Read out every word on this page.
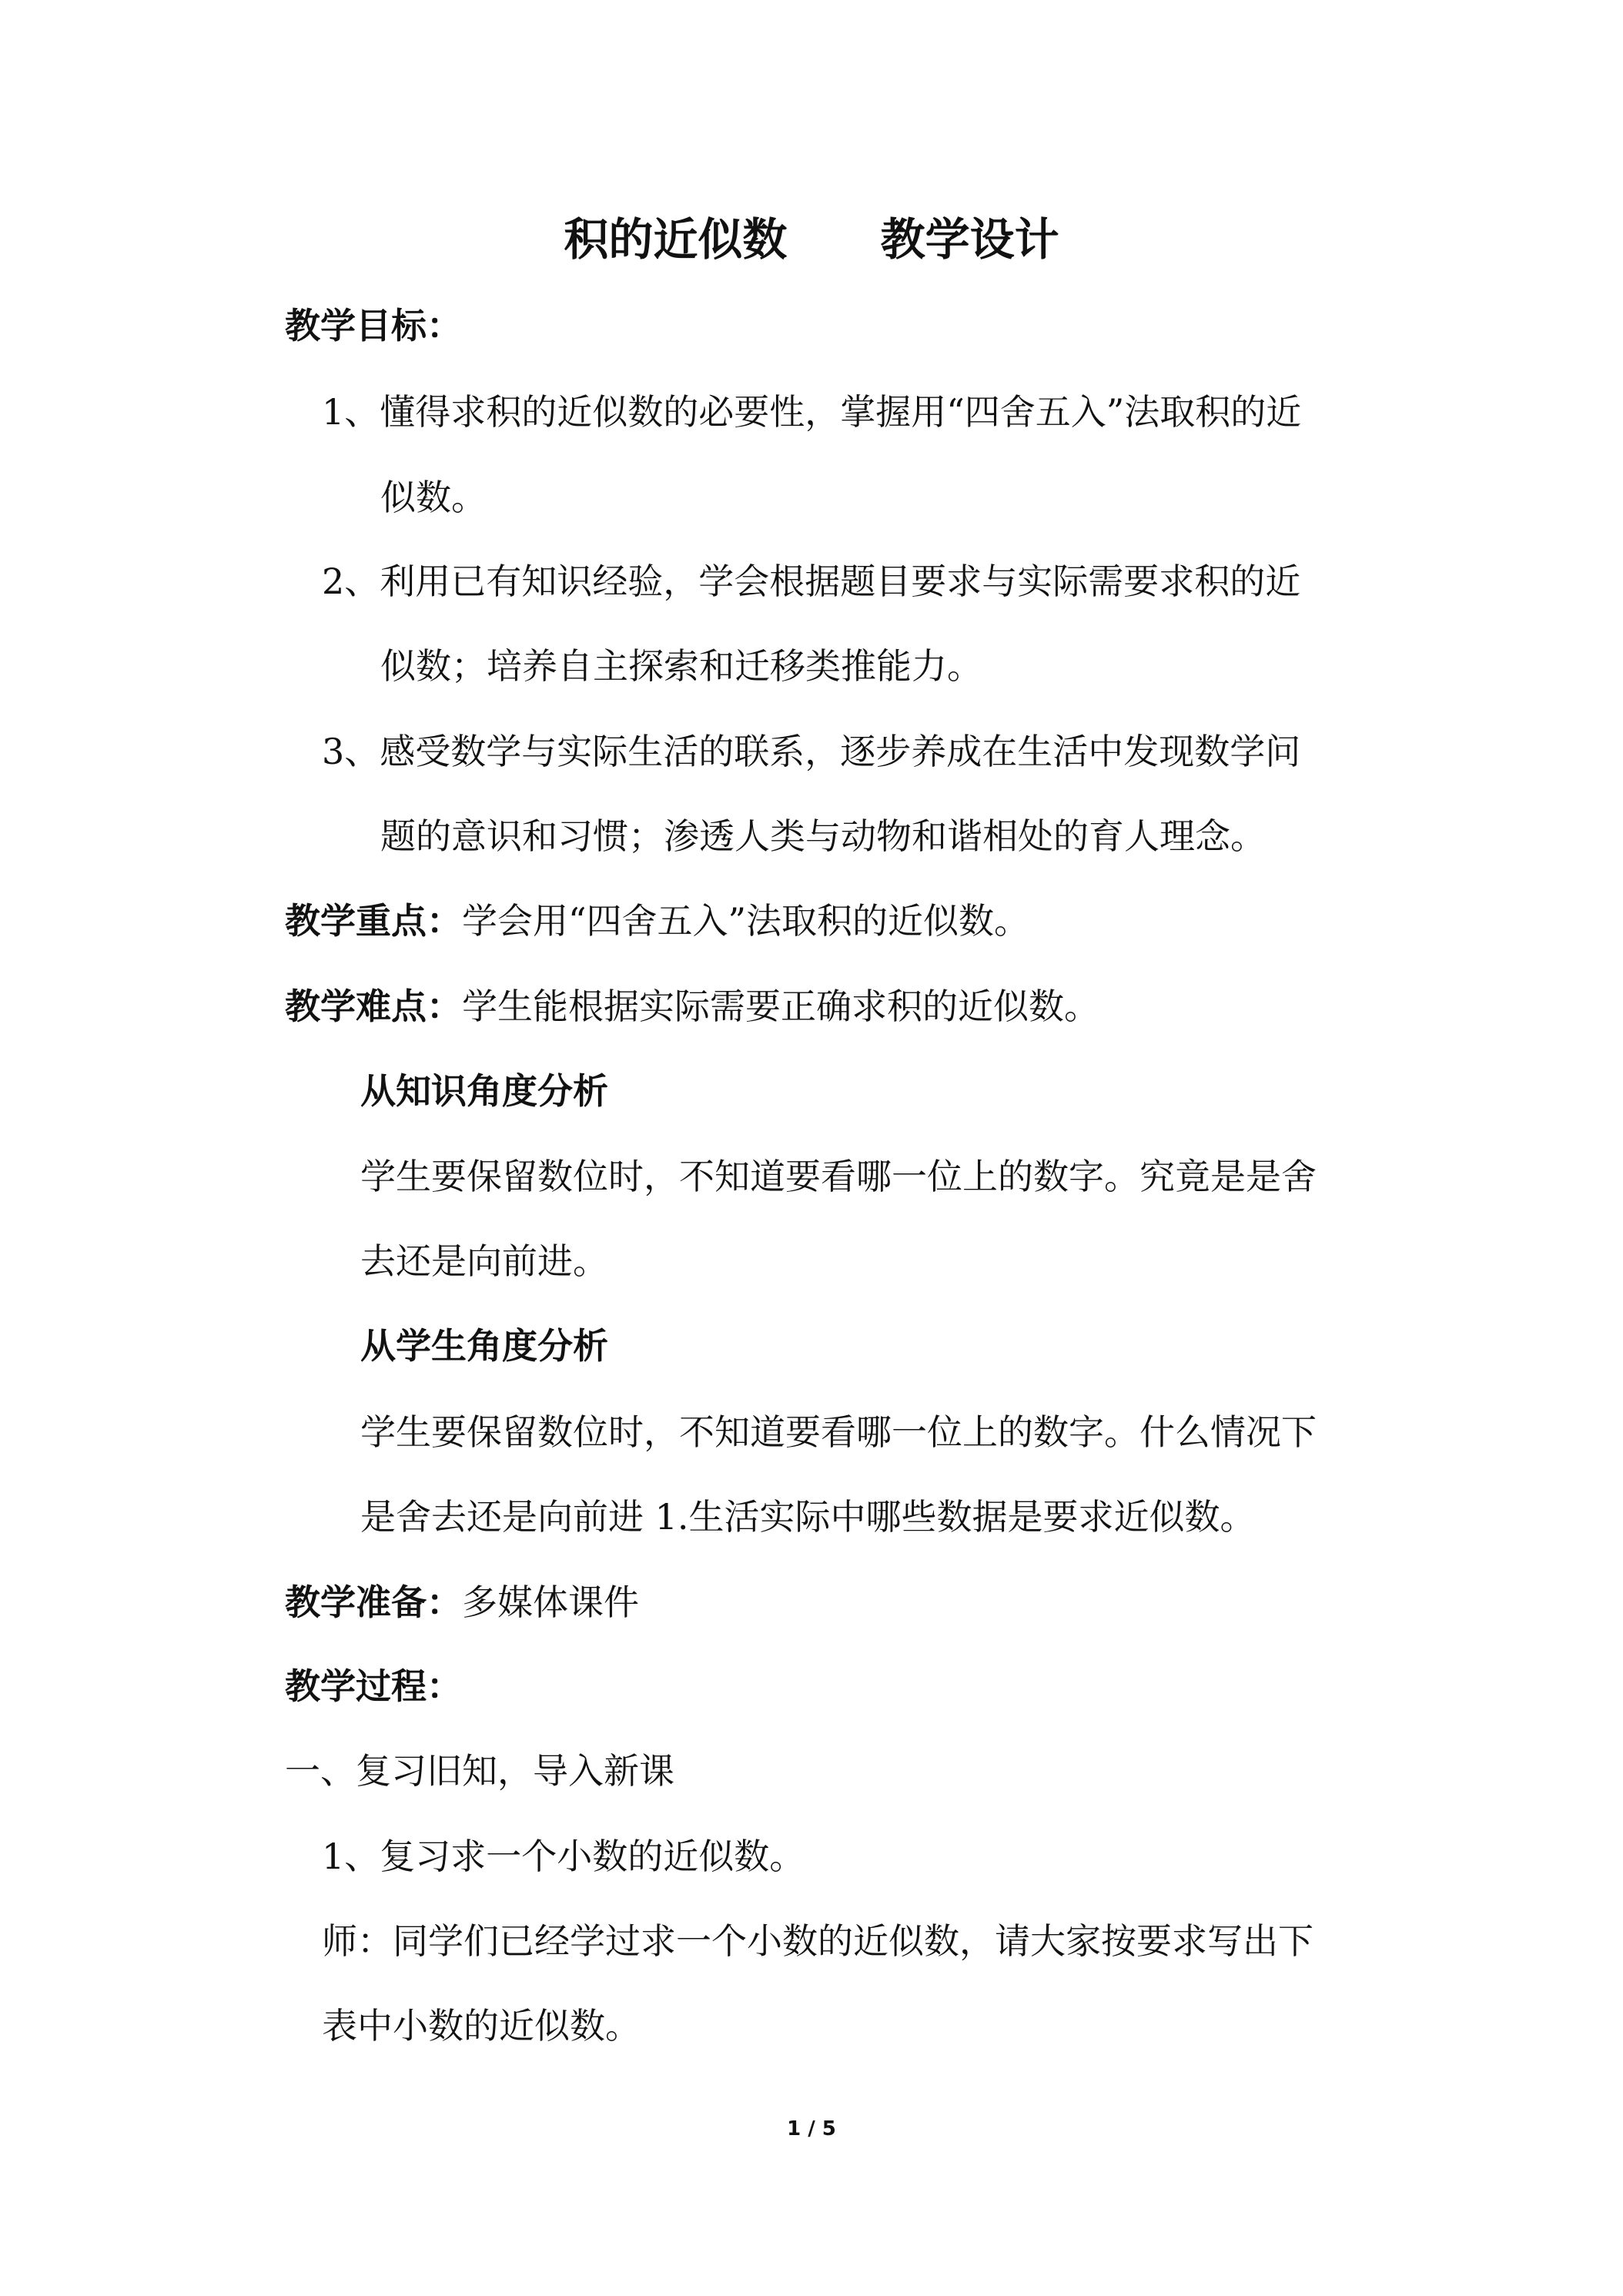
积的近似数      教学设计
教学目标：
1、懂得求积的近似数的必要性，掌握用“四舍五入”法取积的近
似数。
2、利用已有知识经验，学会根据题目要求与实际需要求积的近
似数；培养自主探索和迁移类推能力。
3、感受数学与实际生活的联系，逐步养成在生活中发现数学问
题的意识和习惯；渗透人类与动物和谐相处的育人理念。
教学重点：学会用“四舍五入”法取积的近似数。
教学难点：学生能根据实际需要正确求积的近似数。
从知识角度分析
学生要保留数位时，不知道要看哪一位上的数字。究竟是是舍
去还是向前进。
从学生角度分析
学生要保留数位时，不知道要看哪一位上的数字。什么情况下
是舍去还是向前进 1.生活实际中哪些数据是要求近似数。
教学准备：多媒体课件
教学过程：
一、复习旧知，导入新课
1、复习求一个小数的近似数。
师：同学们已经学过求一个小数的近似数，请大家按要求写出下
表中小数的近似数。
1 / 5
